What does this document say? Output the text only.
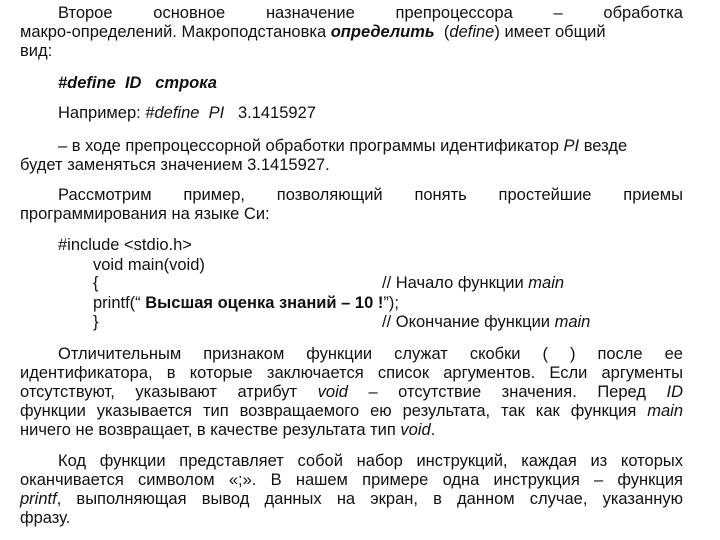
Второе основное назначение препроцессора – обработка
макро-определений. Макроподстановка определить  (define) имеет общий
вид:
#define ID строка
Например: #define  PI   3.1415927
– в ходе препроцессорной обработки программы идентификатор PI везде
будет заменяться значением 3.1415927.
Рассмотрим пример, позволяющий понять простейшие приемы
программирования на языке Си:
#include <stdio.h>
void main(void)
{	// Начало функции main
printf(“ Высшая оценка знаний – 10 !”);
}	// Окончание функции main
Отличительным признаком функции служат скобки ( ) после ее
идентификатора, в которые заключается список аргументов. Если аргументы
отсутствуют, указывают атрибут void – отсутствие значения. Перед ID
функции указывается тип возвращаемого ею результата, так как функция main
ничего не возвращает, в качестве результата тип void.
Код функции представляет собой набор инструкций, каждая из которых
оканчивается символом «;». В нашем примере одна инструкция – функция
printf, выполняющая вывод данных на экран, в данном случае, указанную
фразу.
